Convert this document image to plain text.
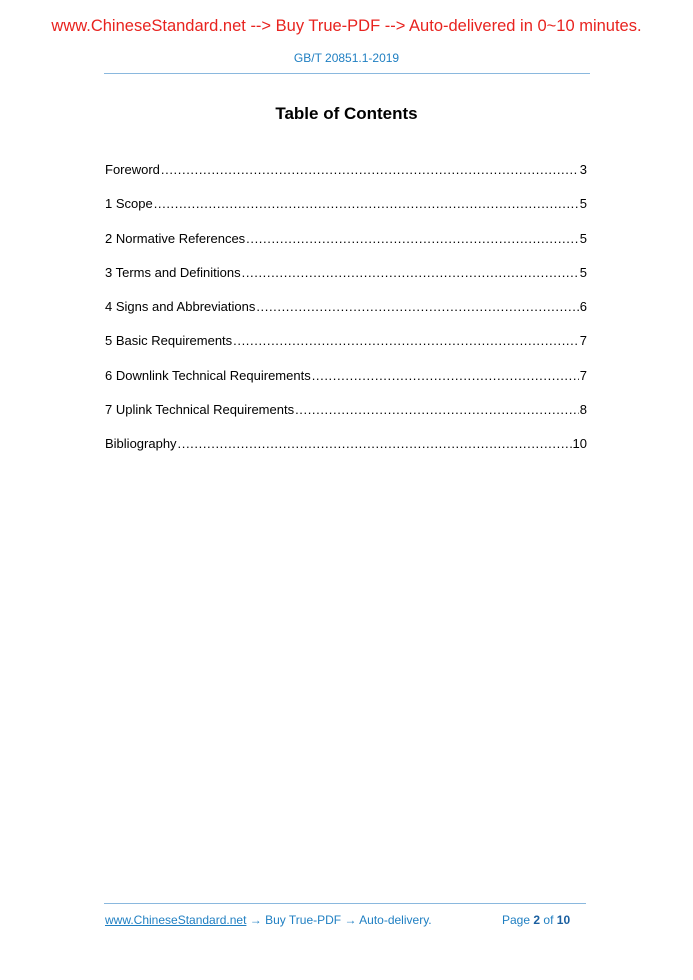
www.ChineseStandard.net --> Buy True-PDF --> Auto-delivered in 0~10 minutes.
GB/T 20851.1-2019
Table of Contents
Foreword .....	3
1 Scope .....	5
2 Normative References .....	5
3 Terms and Definitions .....	5
4 Signs and Abbreviations .....	6
5 Basic Requirements .....	7
6 Downlink Technical Requirements .....	7
7 Uplink Technical Requirements .....	8
Bibliography .....	10
www.ChineseStandard.net → Buy True-PDF → Auto-delivery.	Page 2 of 10
